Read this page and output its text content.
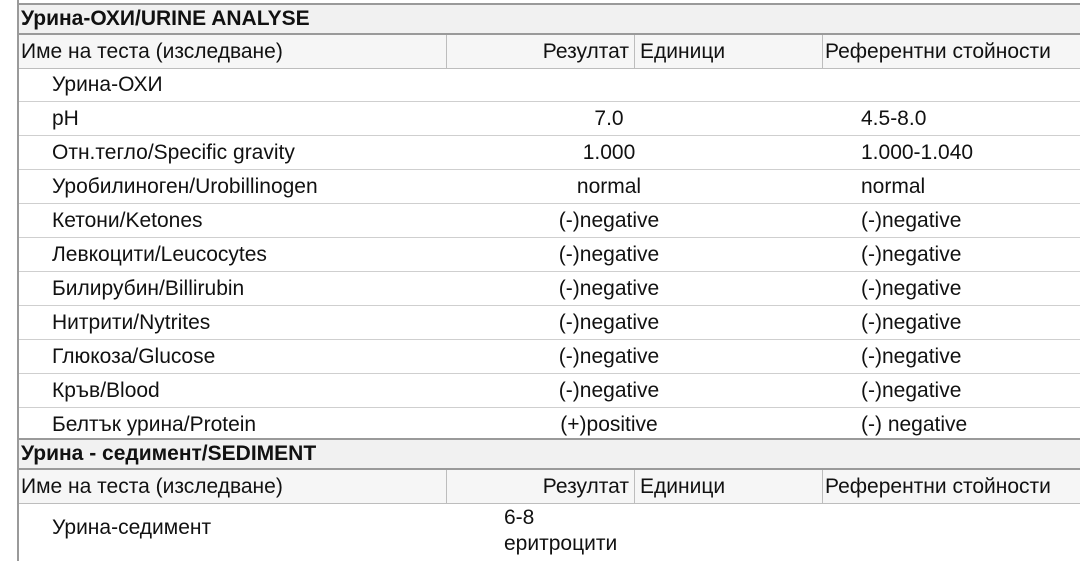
Урина-ОХИ/URINE ANALYSE
Име на теста (изследване)	Резултат Единици	Референтни стойности
Урина-ОХИ
pH	7.0	4.5-8.0
Отн.тегло/Specific gravity	1.000	1.000-1.040
Уробилиноген/Urobillinogen	normal	normal
Кетони/Ketones	(-)negative	(-)negative
Левкоцити/Leucocytes	(-)negative	(-)negative
Билирубин/Billirubin	(-)negative	(-)negative
Нитрити/Nytrites	(-)negative	(-)negative
Глюкоза/Glucose	(-)negative	(-)negative
Кръв/Blood	(-)negative	(-)negative
Белтък урина/Protein	(+)positive	(-) negative
Урина - седимент/SEDIMENT
Име на теста (изследване)	Резултат Единици	Референтни стойности
Урина-седимент	6-8
еритроцити
